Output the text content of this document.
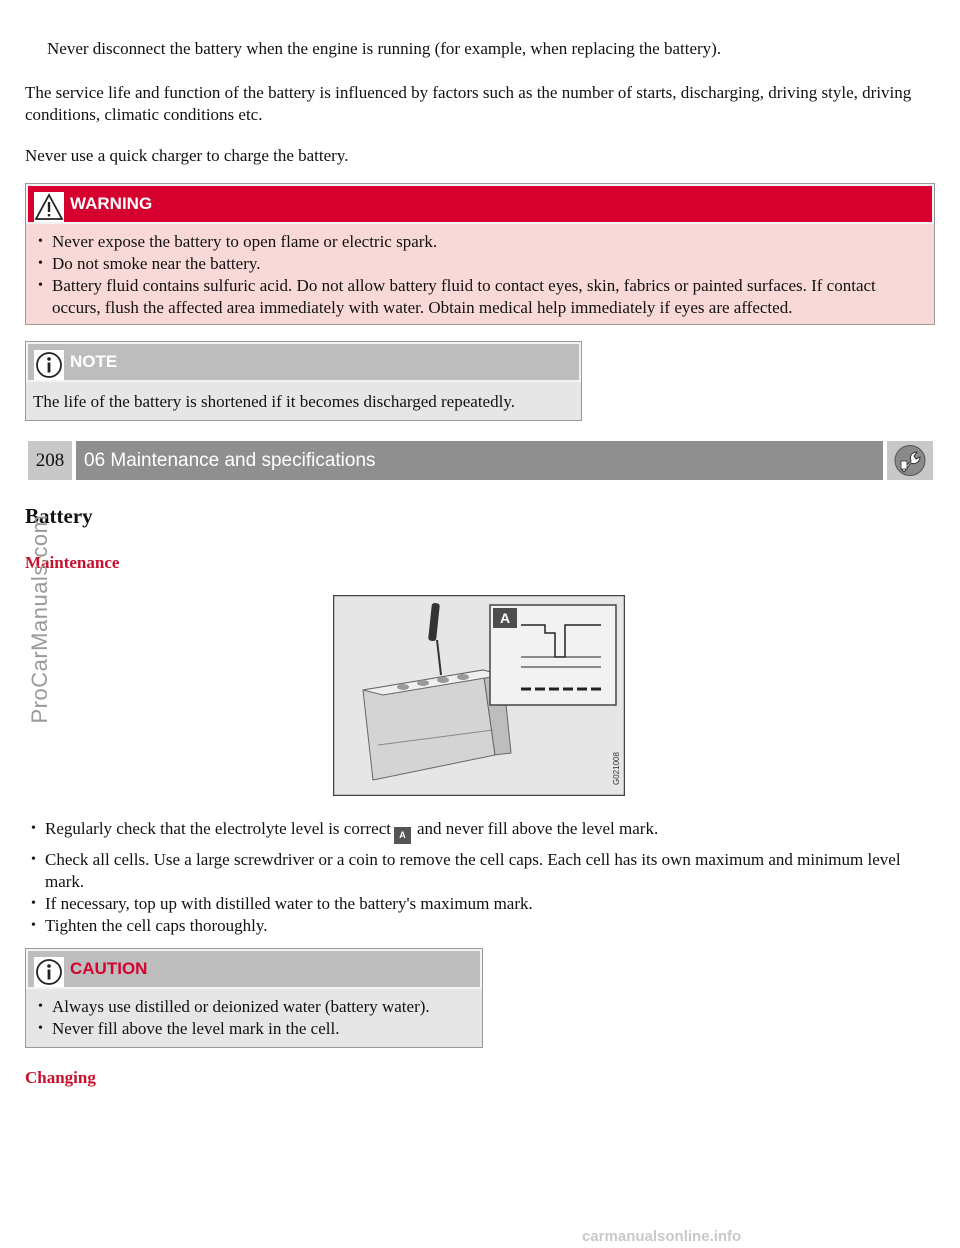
Never disconnect the battery when the engine is running (for example, when replacing the battery).

The service life and function of the battery is influenced by factors such as the number of starts, discharging, driving style, driving conditions, climatic conditions etc.

Never use a quick charger to charge the battery.

WARNING
• Never expose the battery to open flame or electric spark.
• Do not smoke near the battery.
• Battery fluid contains sulfuric acid. Do not allow battery fluid to contact eyes, skin, fabrics or painted surfaces. If contact occurs, flush the affected area immediately with water. Obtain medical help immediately if eyes are affected.
NOTE

The life of the battery is shortened if it becomes discharged repeatedly.

208	06 Maintenance and specifications
Battery
Maintenance
A
G021008
• Regularly check that the electrolyte level is correct A and never fill above the level mark.
• Check all cells. Use a large screwdriver or a coin to remove the cell caps. Each cell has its own maximum and minimum level mark.
• If necessary, top up with distilled water to the battery's maximum mark.
• Tighten the cell caps thoroughly.
CAUTION
• Always use distilled or deionized water (battery water).
• Never fill above the level mark in the cell.
Changing
ProCarManuals.com
carmanualsonline.info
